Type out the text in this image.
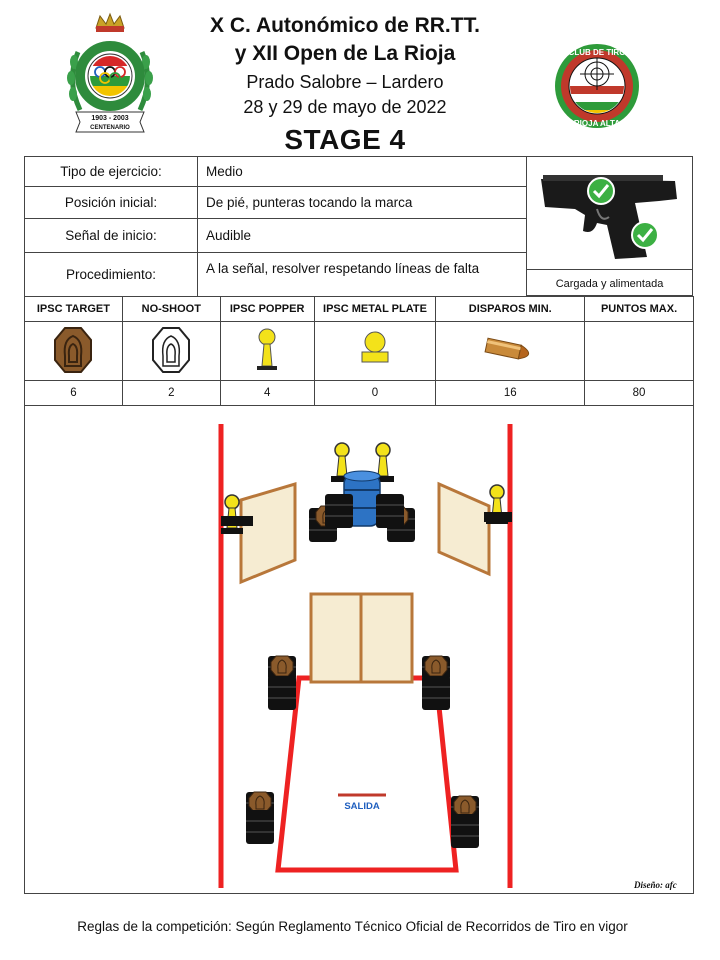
X C. Autonómico de RR.TT.
y XII Open de La Rioja
Prado Salobre – Lardero
28 y 29 de mayo de 2022
STAGE 4
1903 - 2003
CENTENARIO
CLUB DE TIRO
RIOJA ALTA
Tipo de ejercicio:	Medio
Posición inicial:	De pié, punteras tocando la marca
Señal de inicio:	Audible
Procedimiento:	A la señal, resolver respetando líneas de falta
Cargada y alimentada
IPSC TARGET	NO-SHOOT	IPSC POPPER	IPSC METAL PLATE	DISPAROS MIN.	PUNTOS MAX.

6	2	4	0	16	80
SALIDA
Diseño: afc
Reglas de la competición: Según Reglamento Técnico Oficial de Recorridos de Tiro en vigor
